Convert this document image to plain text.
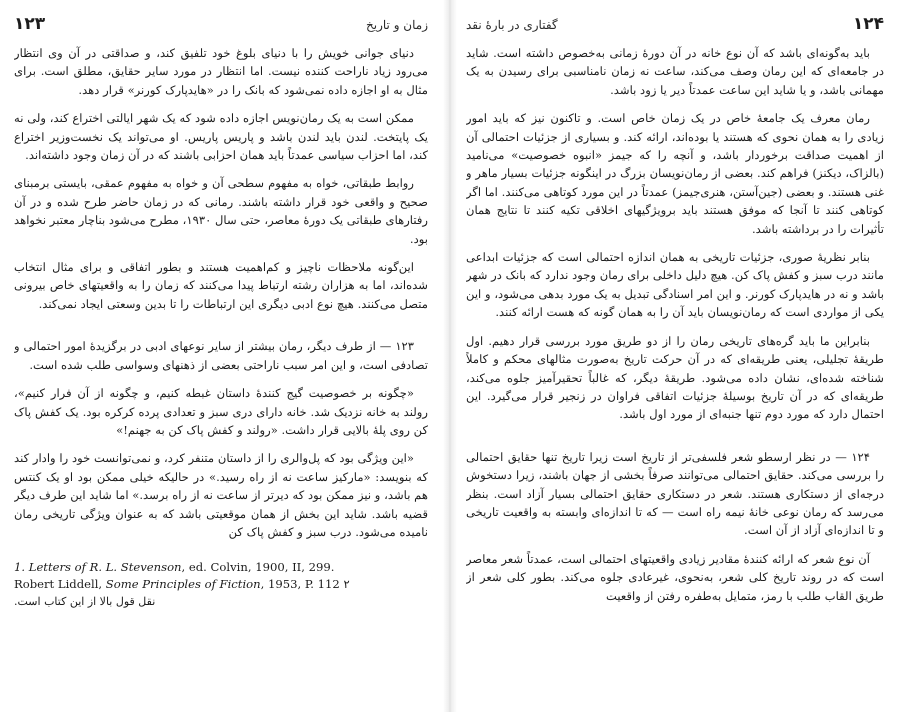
زمان و تاریخ
۱۲۳

دنیای جوانی خویش را با دنیای بلوغ خود تلفیق کند، و صداقتی در آن وی انتظار می‌رود زیاد ناراحت کننده نیست. اما انتظار در مورد سایر حقایق، مطلق است. برای مثال به او اجازه داده نمی‌شود که بانک را در «هایدپارک کورنر» قرار دهد.

ممکن است به یک رمان‌نویس اجازه داده شود که یک شهر ایالتی اختراع کند، ولی نه یک پایتخت. لندن باید لندن باشد و پاریس پاریس. او می‌تواند یک نخست‌وزیر اختراع کند، اما احزاب سیاسی عمدتاً باید همان احزابی باشند که در آن زمان وجود داشته‌اند.

روابط طبقاتی، خواه به مفهوم سطحی آن و خواه به مفهوم عمقی، بایستی برمبنای صحیح و واقعی خود قرار داشته باشند. رمانی که در زمان حاضر طرح شده و در آن رفتارهای طبقاتی یک دورهٔ معاصر، حتی سال ۱۹۳۰، مطرح می‌شود بناچار معتبر نخواهد بود.

این‌گونه ملاحظات ناچیز و کم‌اهمیت هستند و بطور اتفاقی و برای مثال انتخاب شده‌اند، اما به هزاران رشته ارتباط پیدا می‌کنند که زمان را به واقعیتهای خاص بیرونی متصل می‌کنند. هیچ نوع ادبی دیگری این ارتباطات را تا بدین وسعتی ایجاد نمی‌کند.

۱۲۳ — از طرف دیگر، رمان بیشتر از سایر نوعهای ادبی در برگزیدهٔ امور احتمالی و تصادفی است، و این امر سبب ناراحتی بعضی از ذهنهای وسواسی طلب شده است.

«چگونه بر خصوصیت گیج کنندهٔ داستان غبطه کنیم، و چگونه از آن فرار کنیم»، رولند به خانه نزدیک شد. خانه دارای دری سبز و تعدادی پرده کرکره بود. یک کفش پاک کن روی پلهٔ بالایی قرار داشت. «رولند و کفش پاک کن به جهنم!»

«این ویژگی بود که پل‌والری را از داستان متنفر کرد، و نمی‌توانست خود را وادار کند که بنویسد: «مارکیز ساعت نه از راه رسید.» در حالیکه خیلی ممکن بود او یک کنتس هم باشد، و نیز ممکن بود که دیرتر از ساعت نه از راه برسد.» اما شاید این طرف دیگر قضیه باشد. شاید این بخش از همان موقعیتی باشد که به عنوان ویژگی تاریخی رمان نامیده می‌شود. درب سبز و کفش پاک کن

1. Letters of R. L. Stevenson, ed. Colvin, 1900, II, 299.

Robert Liddell, Some Principles of Fiction, 1953, P. 112 ۲

نقل قول بالا از این کتاب است.

۱۲۴
گفتاری در بارهٔ نقد

باید به‌گونه‌ای باشد که آن نوع خانه در آن دورهٔ زمانی به‌خصوص داشته است. شاید در جامعه‌ای که این رمان وصف می‌کند، ساعت نه زمان نامناسبی برای رسیدن به یک مهمانی باشد، و یا شاید این ساعت عمدتاً دیر یا زود باشد.

رمان معرف یک جامعهٔ خاص در یک زمان خاص است. و تاکنون نیز که باید امور زیادی را به همان نحوی که هستند یا بوده‌اند، ارائه کند. و بسیاری از جزئیات احتمالی آن از اهمیت صداقت برخوردار باشد، و آنچه را که جیمز «انبوه خصوصیت» می‌نامید (بالزاک، دیکنز) فراهم کند. بعضی از رمان‌نویسان بزرگ در اینگونه جزئیات بسیار ماهر و غنی هستند. و بعضی (جین‌آستن، هنری‌جیمز) عمدتاً در این مورد کوتاهی می‌کنند. اما اگر کوتاهی کنند تا آنجا که موفق هستند باید برویژگیهای اخلاقی تکیه کنند تا نتایج همان تأثیرات را در برداشته باشد.

بنابر نظریهٔ صوری، جزئیات تاریخی به همان اندازه احتمالی است که جزئیات ابداعی مانند درب سبز و کفش پاک کن. هیچ دلیل داخلی برای رمان وجود ندارد که بانک در شهر باشد و نه در هایدپارک کورنر. و این امر اسنادگی تبدیل به یک مورد بدهی می‌شود، و این یکی از مواردی است که رمان‌نویسان باید آن را به همان گونه که هست ارائه کنند.

بنابراین ما باید گره‌های تاریخی رمان را از دو طریق مورد بررسی قرار دهیم. اول طریقهٔ تجلیلی، یعنی طریقه‌ای که در آن حرکت تاریخ به‌صورت مثالهای محکم و کاملاً شناخته شده‌ای، نشان داده می‌شود. طریقهٔ دیگر، که غالباً تحقیرآمیز جلوه می‌کند، طریقه‌ای که در آن تاریخ بوسیلهٔ جزئیات اتفاقی فراوان در زنجیر قرار می‌گیرد. این احتمال دارد که مورد دوم تنها جنبه‌ای از مورد اول باشد.

۱۲۴ — در نظر ارسطو شعر فلسفی‌تر از تاریخ است زیرا تاریخ تنها حقایق احتمالی را بررسی می‌کند. حقایق احتمالی می‌توانند صرفاً بخشی از جهان باشند، زیرا دستخوش درجه‌ای از دستکاری هستند. شعر در دستکاری حقایق احتمالی بسیار آزاد است. بنظر می‌رسد که رمان نوعی خانهٔ نیمه راه است — که تا اندازه‌ای وابسته به واقعیت تاریخی و تا اندازه‌ای آزاد از آن است.

آن نوع شعر که ارائه کنندهٔ مقادیر زیادی واقعیتهای احتمالی است، عمدتاً شعر معاصر است که در روند تاریخ کلی شعر، به‌نحوی، غیرعادی جلوه می‌کند. بطور کلی شعر از طریق القاب طلب با رمز، متمایل به‌طفره رفتن از واقعیت
